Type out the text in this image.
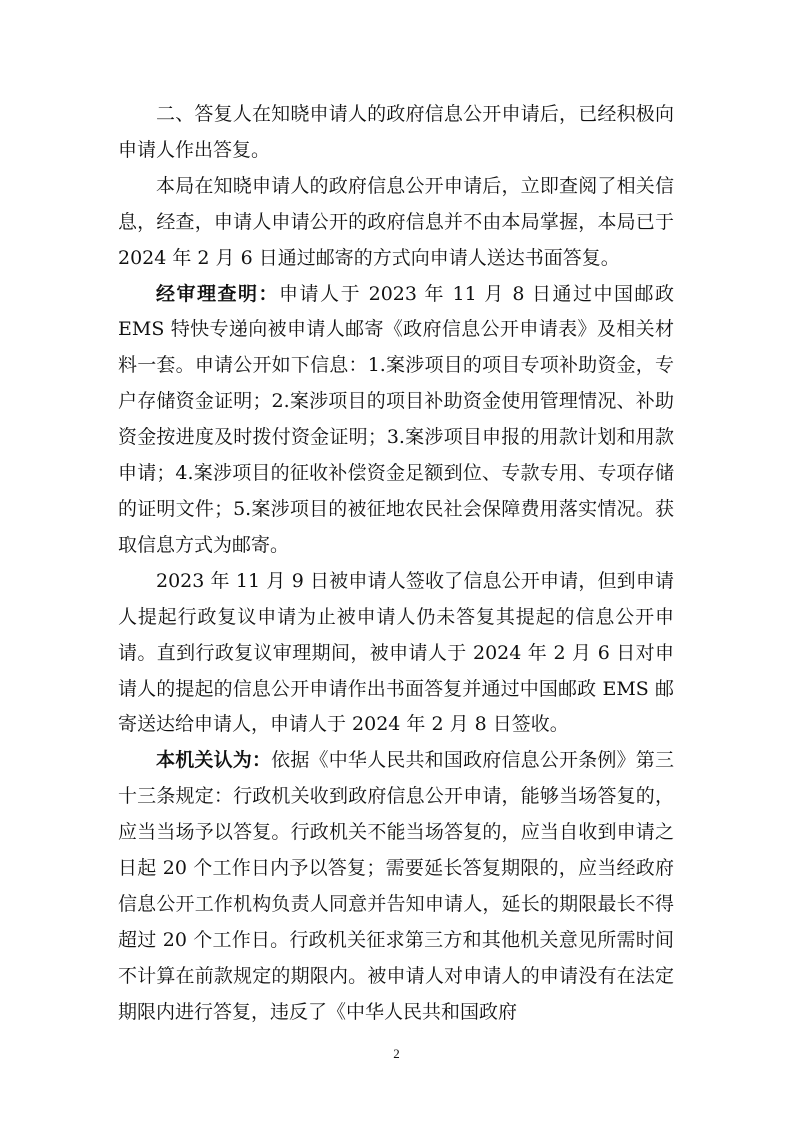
二、答复人在知晓申请人的政府信息公开申请后，已经积极向申请人作出答复。

本局在知晓申请人的政府信息公开申请后，立即查阅了相关信息，经查，申请人申请公开的政府信息并不由本局掌握，本局已于 2024 年 2 月 6 日通过邮寄的方式向申请人送达书面答复。

经审理查明：申请人于 2023 年 11 月 8 日通过中国邮政 EMS 特快专递向被申请人邮寄《政府信息公开申请表》及相关材料一套。申请公开如下信息：1.案涉项目的项目专项补助资金，专户存储资金证明；2.案涉项目的项目补助资金使用管理情况、补助资金按进度及时拨付资金证明；3.案涉项目申报的用款计划和用款申请；4.案涉项目的征收补偿资金足额到位、专款专用、专项存储的证明文件；5.案涉项目的被征地农民社会保障费用落实情况。获取信息方式为邮寄。

2023 年 11 月 9 日被申请人签收了信息公开申请，但到申请人提起行政复议申请为止被申请人仍未答复其提起的信息公开申请。直到行政复议审理期间，被申请人于 2024 年 2 月 6 日对申请人的提起的信息公开申请作出书面答复并通过中国邮政 EMS 邮寄送达给申请人，申请人于 2024 年 2 月 8 日签收。

本机关认为：依据《中华人民共和国政府信息公开条例》第三十三条规定：行政机关收到政府信息公开申请，能够当场答复的，应当当场予以答复。行政机关不能当场答复的，应当自收到申请之日起 20 个工作日内予以答复；需要延长答复期限的，应当经政府信息公开工作机构负责人同意并告知申请人，延长的期限最长不得超过 20 个工作日。行政机关征求第三方和其他机关意见所需时间不计算在前款规定的期限内。被申请人对申请人的申请没有在法定期限内进行答复，违反了《中华人民共和国政府

2
